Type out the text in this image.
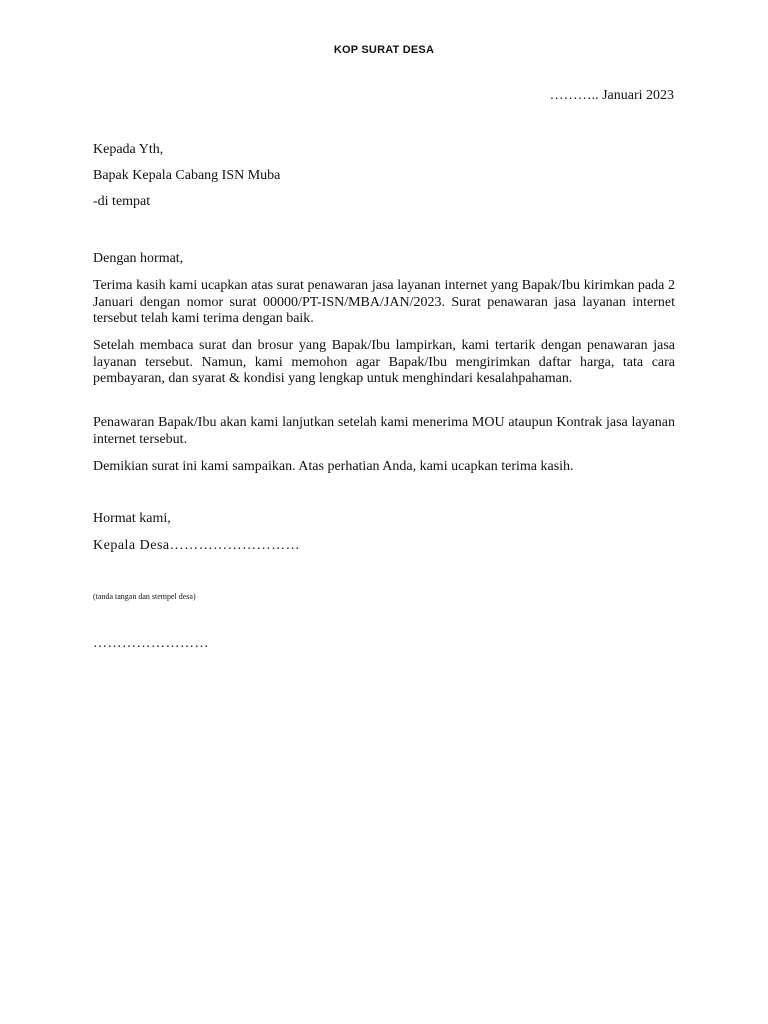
KOP SURAT DESA
……….. Januari 2023
Kepada Yth,
Bapak Kepala Cabang ISN Muba
-di tempat
Dengan hormat,
Terima kasih kami ucapkan atas surat penawaran jasa layanan internet yang Bapak/Ibu kirimkan pada 2 Januari dengan nomor surat 00000/PT-ISN/MBA/JAN/2023. Surat penawaran jasa layanan internet tersebut telah kami terima dengan baik.
Setelah membaca surat dan brosur yang Bapak/Ibu lampirkan, kami tertarik dengan penawaran jasa layanan tersebut. Namun, kami memohon agar Bapak/Ibu mengirimkan daftar harga, tata cara pembayaran, dan syarat & kondisi yang lengkap untuk menghindari kesalahpahaman.
Penawaran Bapak/Ibu akan kami lanjutkan setelah kami menerima MOU ataupun Kontrak jasa layanan internet tersebut.
Demikian surat ini kami sampaikan. Atas perhatian Anda, kami ucapkan terima kasih.
Hormat kami,
Kepala Desa………………………
(tanda tangan dan stempel desa)
……………………
